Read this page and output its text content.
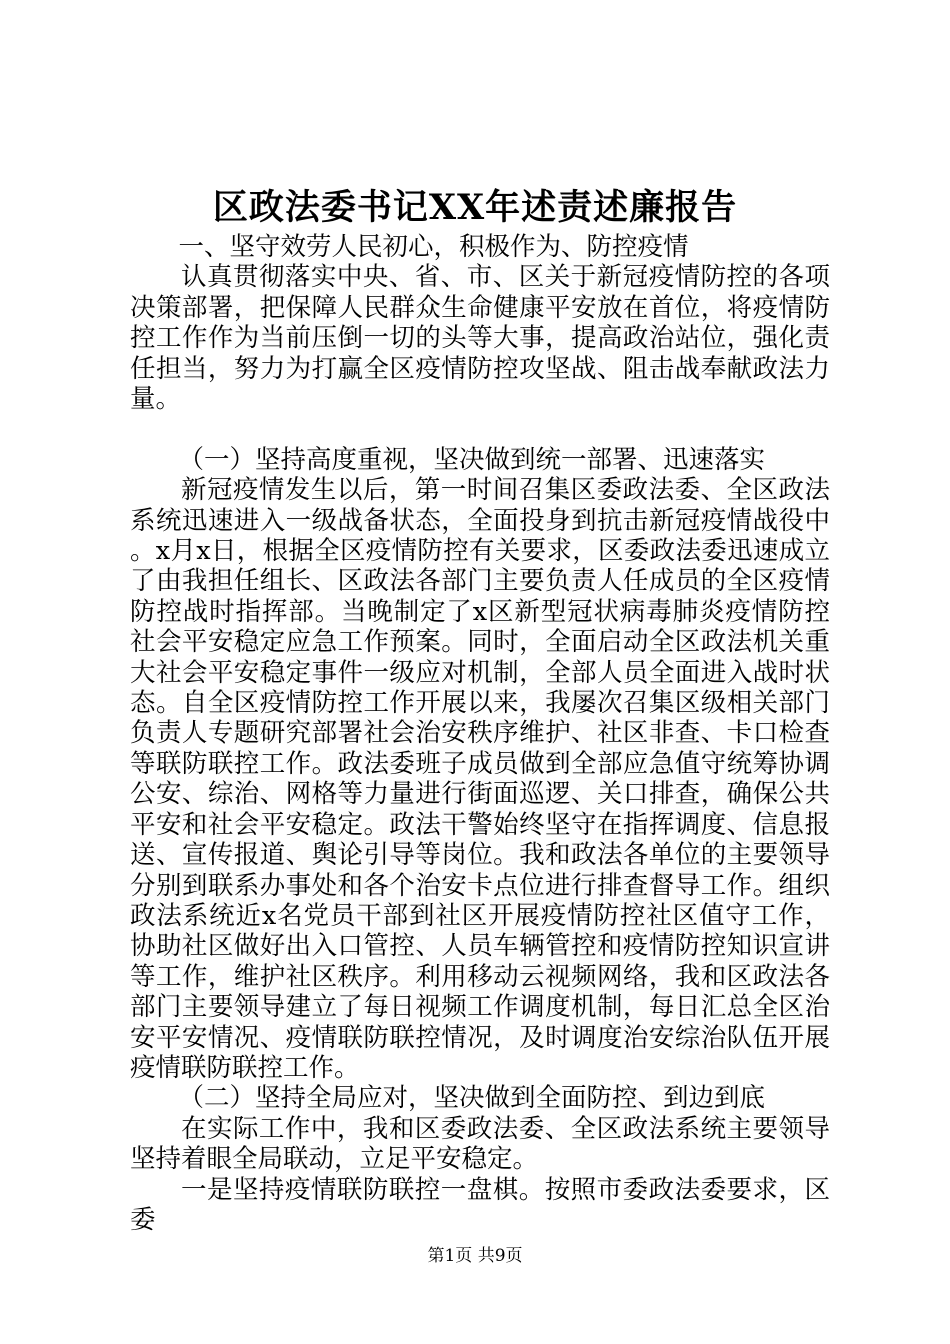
区政法委书记XX年述责述廉报告

一、坚守效劳人民初心，积极作为、防控疫情

认真贯彻落实中央、省、市、区关于新冠疫情防控的各项决策部署，把保障人民群众生命健康平安放在首位，将疫情防控工作作为当前压倒一切的头等大事，提高政治站位，强化责任担当，努力为打赢全区疫情防控攻坚战、阻击战奉献政法力量。

（一）坚持高度重视，坚决做到统一部署、迅速落实

新冠疫情发生以后，第一时间召集区委政法委、全区政法系统迅速进入一级战备状态，全面投身到抗击新冠疫情战役中。x月x日，根据全区疫情防控有关要求，区委政法委迅速成立了由我担任组长、区政法各部门主要负责人任成员的全区疫情防控战时指挥部。当晚制定了x区新型冠状病毒肺炎疫情防控社会平安稳定应急工作预案。同时，全面启动全区政法机关重大社会平安稳定事件一级应对机制，全部人员全面进入战时状态。自全区疫情防控工作开展以来，我屡次召集区级相关部门负责人专题研究部署社会治安秩序维护、社区非查、卡口检查等联防联控工作。政法委班子成员做到全部应急值守统筹协调公安、综治、网格等力量进行街面巡逻、关口排查，确保公共平安和社会平安稳定。政法干警始终坚守在指挥调度、信息报送、宣传报道、舆论引导等岗位。我和政法各单位的主要领导分别到联系办事处和各个治安卡点位进行排查督导工作。组织政法系统近x名党员干部到社区开展疫情防控社区值守工作，协助社区做好出入口管控、人员车辆管控和疫情防控知识宣讲等工作，维护社区秩序。利用移动云视频网络，我和区政法各部门主要领导建立了每日视频工作调度机制，每日汇总全区治安平安情况、疫情联防联控情况，及时调度治安综治队伍开展疫情联防联控工作。

（二）坚持全局应对，坚决做到全面防控、到边到底

在实际工作中，我和区委政法委、全区政法系统主要领导坚持着眼全局联动，立足平安稳定。

一是坚持疫情联防联控一盘棋。按照市委政法委要求，区委

第1页 共9页
